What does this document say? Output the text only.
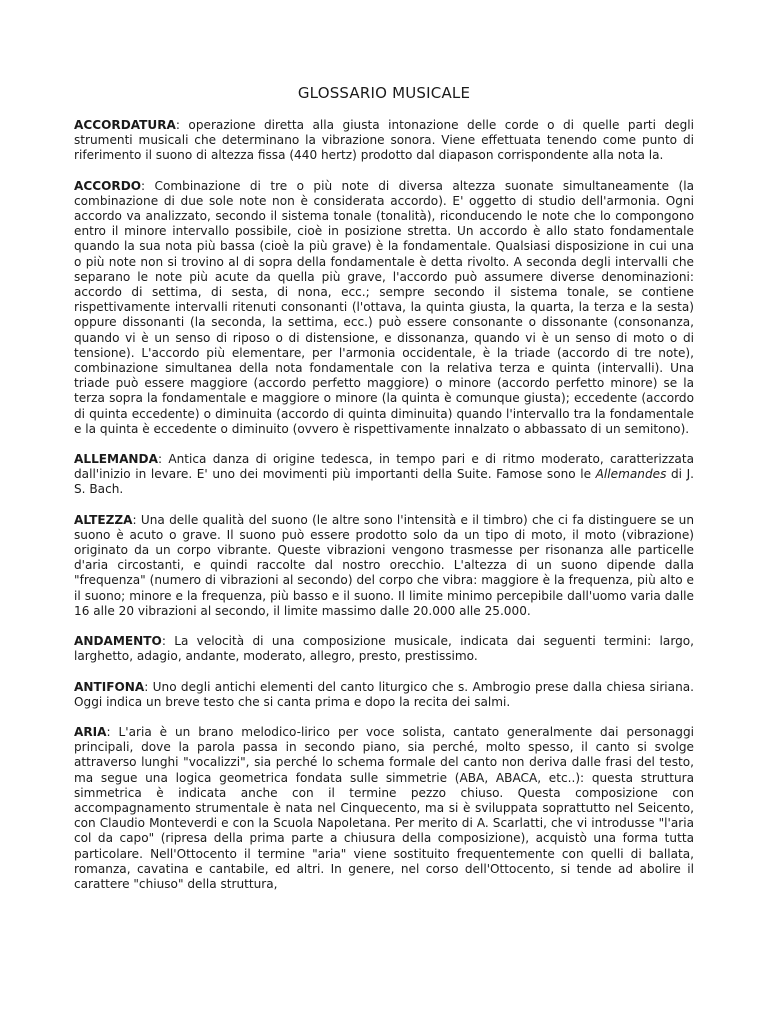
GLOSSARIO MUSICALE

ACCORDATURA: operazione diretta alla giusta intonazione delle corde o di quelle parti degli strumenti musicali che determinano la vibrazione sonora. Viene effettuata tenendo come punto di riferimento il suono di altezza fissa (440 hertz) prodotto dal diapason corrispondente alla nota la.

ACCORDO: Combinazione di tre o più note di diversa altezza suonate simultaneamente (la combinazione di due sole note non è considerata accordo). E' oggetto di studio dell'armonia. Ogni accordo va analizzato, secondo il sistema tonale (tonalità), riconducendo le note che lo compongono entro il minore intervallo possibile, cioè in posizione stretta. Un accordo è allo stato fondamentale quando la sua nota più bassa (cioè la più grave) è la fondamentale. Qualsiasi disposizione in cui una o più note non si trovino al di sopra della fondamentale è detta rivolto. A seconda degli intervalli che separano le note più acute da quella più grave, l'accordo può assumere diverse denominazioni: accordo di settima, di sesta, di nona, ecc.; sempre secondo il sistema tonale, se contiene rispettivamente intervalli ritenuti consonanti (l'ottava, la quinta giusta, la quarta, la terza e la sesta) oppure dissonanti (la seconda, la settima, ecc.) può essere consonante o dissonante (consonanza, quando vi è un senso di riposo o di distensione, e dissonanza, quando vi è un senso di moto o di tensione). L'accordo più elementare, per l'armonia occidentale, è la triade (accordo di tre note), combinazione simultanea della nota fondamentale con la relativa terza e quinta (intervalli). Una triade può essere maggiore (accordo perfetto maggiore) o minore (accordo perfetto minore) se la terza sopra la fondamentale e maggiore o minore (la quinta è comunque giusta); eccedente (accordo di quinta eccedente) o diminuita (accordo di quinta diminuita) quando l'intervallo tra la fondamentale e la quinta è eccedente o diminuito (ovvero è rispettivamente innalzato o abbassato di un semitono).

ALLEMANDA: Antica danza di origine tedesca, in tempo pari e di ritmo moderato, caratterizzata dall'inizio in levare. E' uno dei movimenti più importanti della Suite. Famose sono le Allemandes di J. S. Bach.

ALTEZZA: Una delle qualità del suono (le altre sono l'intensità e il timbro) che ci fa distinguere se un suono è acuto o grave. Il suono può essere prodotto solo da un tipo di moto, il moto (vibrazione) originato da un corpo vibrante. Queste vibrazioni vengono trasmesse per risonanza alle particelle d'aria circostanti, e quindi raccolte dal nostro orecchio. L'altezza di un suono dipende dalla "frequenza" (numero di vibrazioni al secondo) del corpo che vibra: maggiore è la frequenza, più alto e il suono; minore e la frequenza, più basso e il suono. Il limite minimo percepibile dall'uomo varia dalle 16 alle 20 vibrazioni al secondo, il limite massimo dalle 20.000 alle 25.000.

ANDAMENTO: La velocità di una composizione musicale, indicata dai seguenti termini: largo, larghetto, adagio, andante, moderato, allegro, presto, prestissimo.

ANTIFONA: Uno degli antichi elementi del canto liturgico che s. Ambrogio prese dalla chiesa siriana. Oggi indica un breve testo che si canta prima e dopo la recita dei salmi.

ARIA: L'aria è un brano melodico-lirico per voce solista, cantato generalmente dai personaggi principali, dove la parola passa in secondo piano, sia perché, molto spesso, il canto si svolge attraverso lunghi "vocalizzi", sia perché lo schema formale del canto non deriva dalle frasi del testo, ma segue una logica geometrica fondata sulle simmetrie (ABA, ABACA, etc..): questa struttura simmetrica è indicata anche con il termine pezzo chiuso. Questa composizione con accompagnamento strumentale è nata nel Cinquecento, ma si è sviluppata soprattutto nel Seicento, con Claudio Monteverdi e con la Scuola Napoletana. Per merito di A. Scarlatti, che vi introdusse "l'aria col da capo" (ripresa della prima parte a chiusura della composizione), acquistò una forma tutta particolare. Nell'Ottocento il termine "aria" viene sostituito frequentemente con quelli di ballata, romanza, cavatina e cantabile, ed altri. In genere, nel corso dell'Ottocento, si tende ad abolire il carattere "chiuso" della struttura,
